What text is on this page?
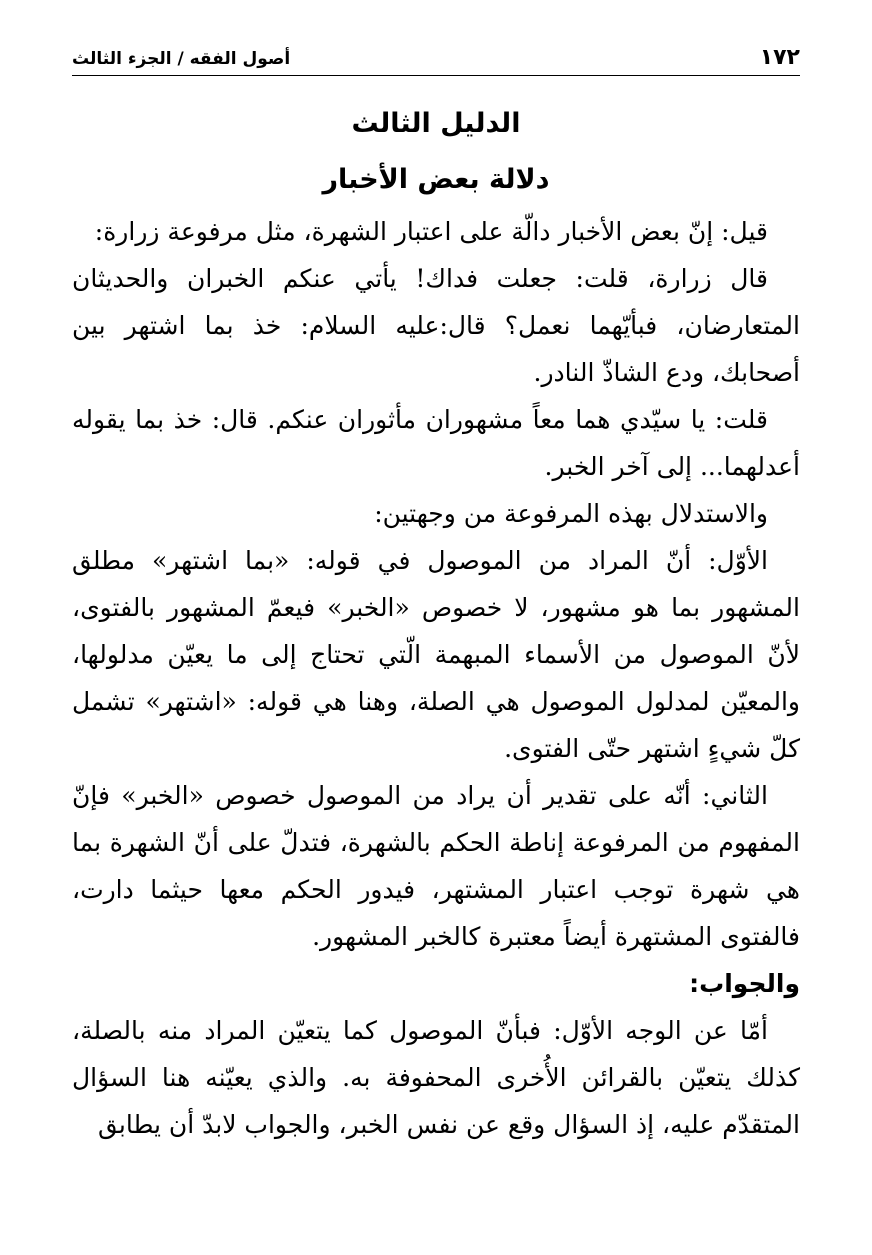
١٧٢
أصول الفقه / الجزء الثالث
الدليل الثالث
دلالة بعض الأخبار

قيل: إنّ بعض الأخبار دالّة على اعتبار الشهرة، مثل مرفوعة زرارة:

قال زرارة، قلت: جعلت فداك! يأتي عنكم الخبران والحديثان المتعارضان، فبأيّهما نعمل؟ قال:عليه السلام: خذ بما اشتهر بين أصحابك، ودع الشاذّ النادر.

قلت: يا سيّدي هما معاً مشهوران مأثوران عنكم. قال: خذ بما يقوله أعدلهما... إلى آخر الخبر.

والاستدلال بهذه المرفوعة من وجهتين:

الأوّل: أنّ المراد من الموصول في قوله: «بما اشتهر» مطلق المشهور بما هو مشهور، لا خصوص «الخبر» فيعمّ المشهور بالفتوى، لأنّ الموصول من الأسماء المبهمة الّتي تحتاج إلى ما يعيّن مدلولها، والمعيّن لمدلول الموصول هي الصلة، وهنا هي قوله: «اشتهر» تشمل كلّ شيءٍ اشتهر حتّى الفتوى.

الثاني: أنّه على تقدير أن يراد من الموصول خصوص «الخبر» فإنّ المفهوم من المرفوعة إناطة الحكم بالشهرة، فتدلّ على أنّ الشهرة بما هي شهرة توجب اعتبار المشتهر، فيدور الحكم معها حيثما دارت، فالفتوى المشتهرة أيضاً معتبرة كالخبر المشهور.

والجواب:

أمّا عن الوجه الأوّل: فبأنّ الموصول كما يتعيّن المراد منه بالصلة، كذلك يتعيّن بالقرائن الأُخرى المحفوفة به. والذي يعيّنه هنا السؤال المتقدّم عليه، إذ السؤال وقع عن نفس الخبر، والجواب لابدّ أن يطابق
